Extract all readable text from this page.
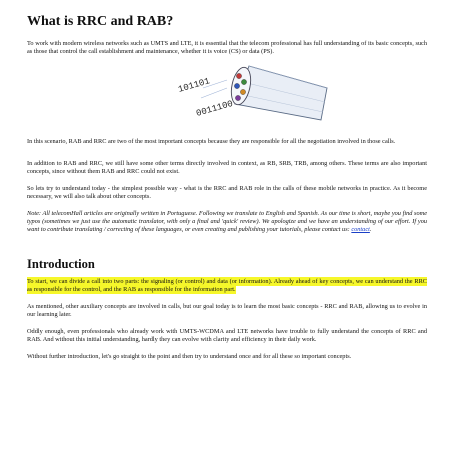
What is RRC and RAB?

To work with modern wireless networks such as UMTS and LTE, it is essential that the telecom professional has full understanding of its basic concepts, such as those that control the call establishment and maintenance, whether it is voice (CS) or data (PS).

101101
0011100

In this scenario, RAB and RRC are two of the most important concepts because they are responsible for all the negotiation involved in those calls.

In addition to RAB and RRC, we still have some other terms directly involved in context, as RB, SRB, TRB, among others. These terms are also important concepts, since without them RAB and RRC could not exist.

So lets try to understand today - the simplest possible way - what is the RRC and RAB role in the calls of these mobile networks in practice. As it become necessary, we will also talk about other concepts.

Note: All telecomHall articles are originally written in Portuguese. Following we translate to English and Spanish. As our time is short, maybe you find some typos (sometimes we just use the automatic translator, with only a final and 'quick' review). We apologize and we have an understanding of our effort. If you want to contribute translating / correcting of these languages, or even creating and publishing your tutorials, please contact us: contact.

Introduction

To start, we can divide a call into two parts: the signaling (or control) and data (or information). Already ahead of key concepts, we can understand the RRC as responsible for the control, and the RAB as responsible for the information part.

As mentioned, other auxiliary concepts are involved in calls, but our goal today is to learn the most basic concepts - RRC and RAB, allowing us to evolve in our learning later.

Oddly enough, even professionals who already work with UMTS-WCDMA and LTE networks have trouble to fully understand the concepts of RRC and RAB. And without this initial understanding, hardly they can evolve with clarity and efficiency in their daily work.

Without further introduction, let's go straight to the point and then try to understand once and for all these so important concepts.
